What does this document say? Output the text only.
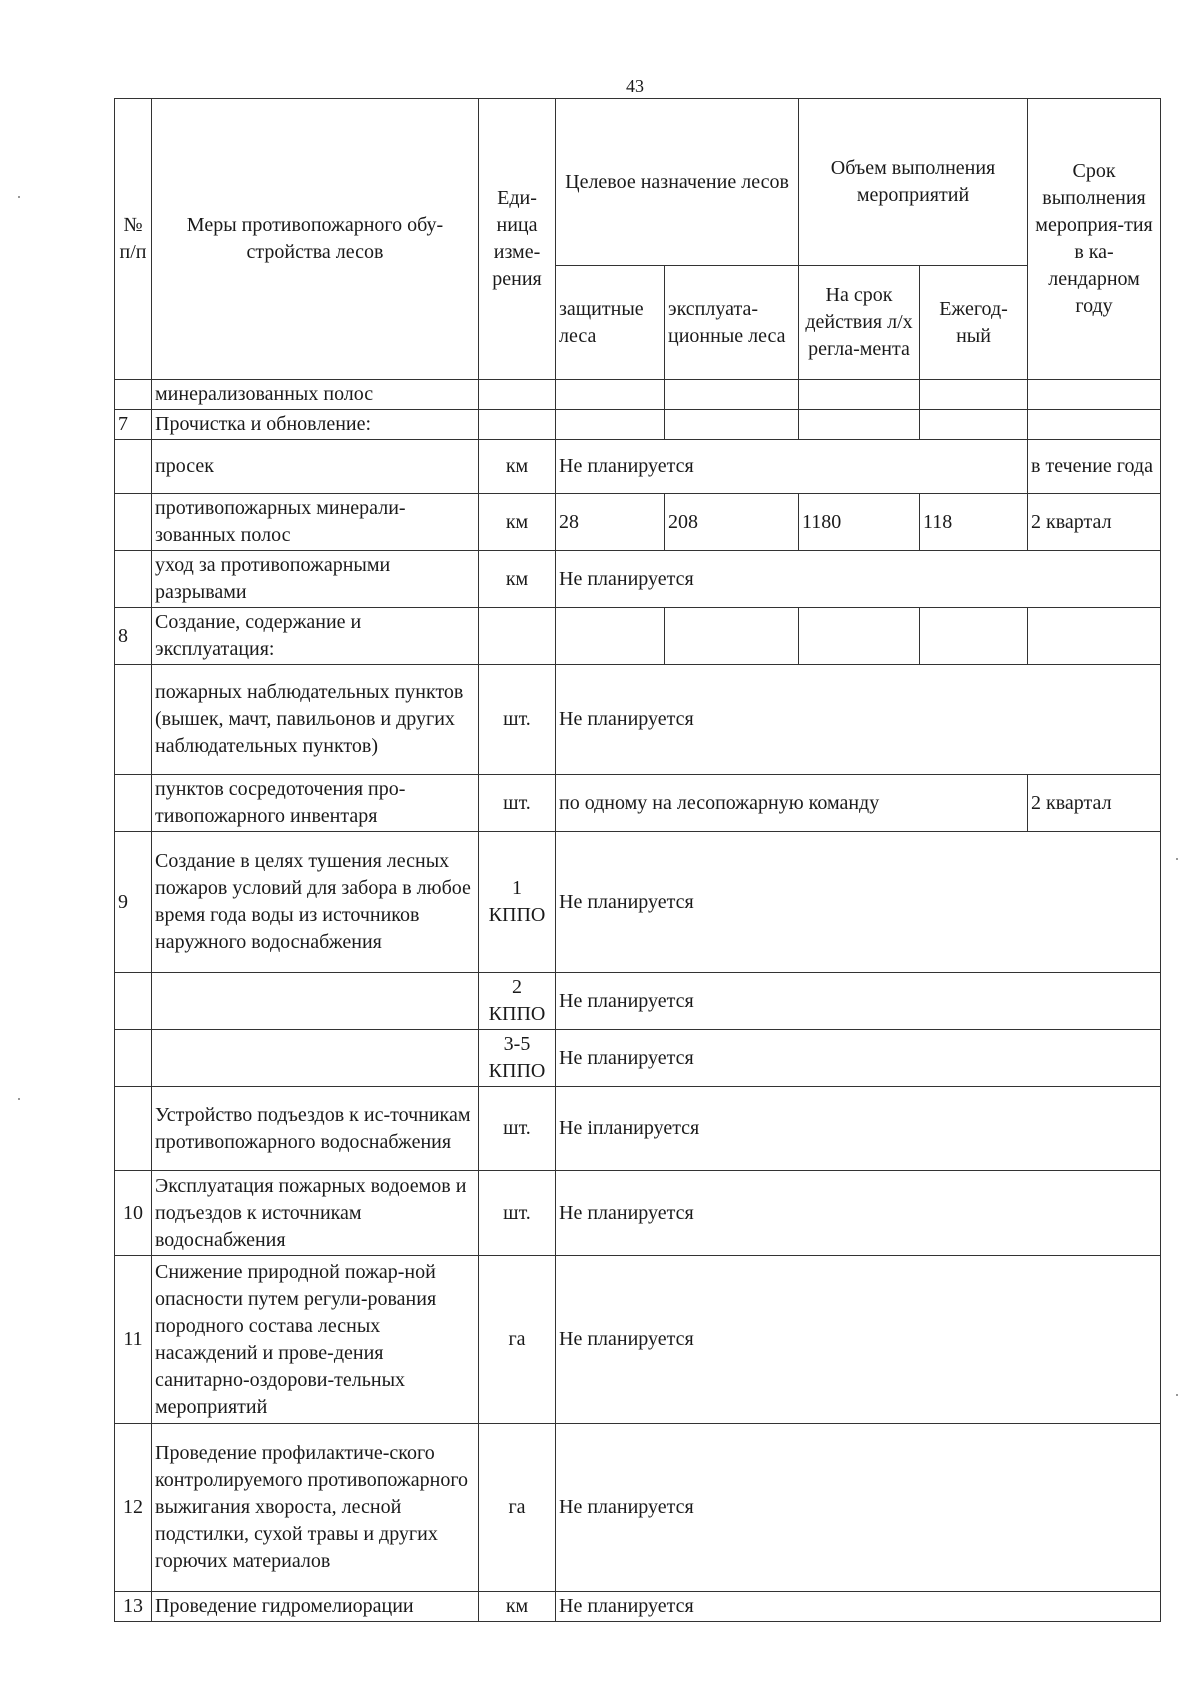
43
№ п/п	Меры противопожарного обу-стройства лесов	Еди-ница изме-рения	Целевое назначение лесов		Объем выполнения мероприятий		Срок выполнения мероприя-тия в ка-лендарном году
			защитные леса	эксплуата-ционные леса	На срок действия л/х регла-мента	Ежегод-ный	
	минерализованных полос						
7	Прочистка и обновление:						
	просек	км	Не планируется				в течение года
	противопожарных минерали-зованных полос	км	28	208	1180	118	2 квартал
	уход за противопожарными разрывами	км	Не планируется				
8	Создание, содержание и эксплуатация:						
	пожарных наблюдательных пунктов (вышек, мачт, павильонов и других наблюдательных пунктов)	шт.	Не планируется				
	пунктов сосредоточения про-тивопожарного инвентаря	шт.	по одному на лесопожарную команду				2 квартал
9	Создание в целях тушения лесных пожаров условий для забора в любое время года воды из источников наружного водоснабжения	1
КППО	Не планируется				
		2
КППО	Не планируется				
		3-5
КППО	Не планируется				
	Устройство подъездов к ис-точникам противопожарного водоснабжения	шт.	Не іпланируется				
10	Эксплуатация пожарных водоемов и подъездов к источникам водоснабжения	шт.	Не планируется				
11	Снижение природной пожар-ной опасности путем регули-рования породного состава лесных насаждений и прове-дения санитарно-оздорови-тельных мероприятий	га	Не планируется				
12	Проведение профилактиче-ского контролируемого противопожарного выжигания хвороста, лесной подстилки, сухой травы и других горючих материалов	га	Не планируется				
13	Проведение гидромелиорации	км	Не планируется				
